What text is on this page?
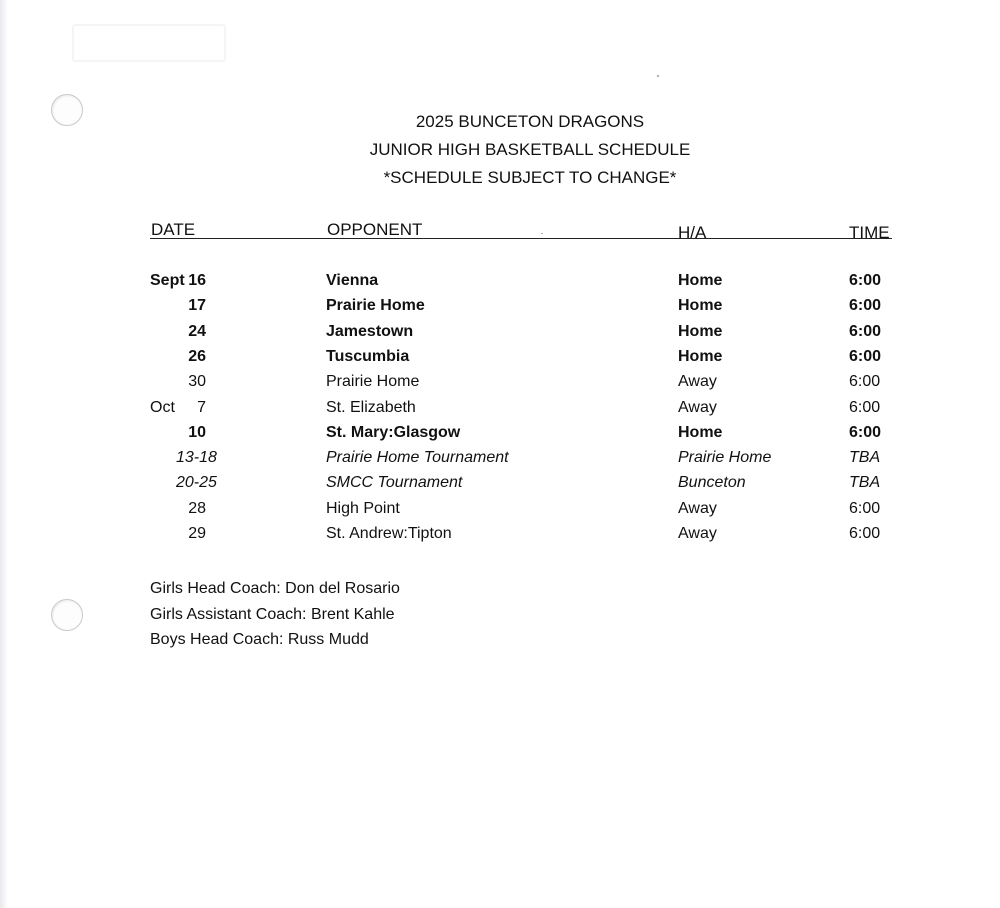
2025 BUNCETON DRAGONS
JUNIOR HIGH BASKETBALL SCHEDULE
*SCHEDULE SUBJECT TO CHANGE*
DATE	OPPONENT	H/A	TIME
Sept 16	Vienna	Home	6:00
17	Prairie Home	Home	6:00
24	Jamestown	Home	6:00
26	Tuscumbia	Home	6:00
30	Prairie Home	Away	6:00
Oct	7	St. Elizabeth	Away	6:00
10	St. Mary:Glasgow	Home	6:00
13-18	Prairie Home Tournament	Prairie Home	TBA
20-25	SMCC Tournament	Bunceton	TBA
28	High Point	Away	6:00
29	St. Andrew:Tipton	Away	6:00
Girls Head Coach: Don del Rosario
Girls Assistant Coach: Brent Kahle
Boys Head Coach: Russ Mudd
